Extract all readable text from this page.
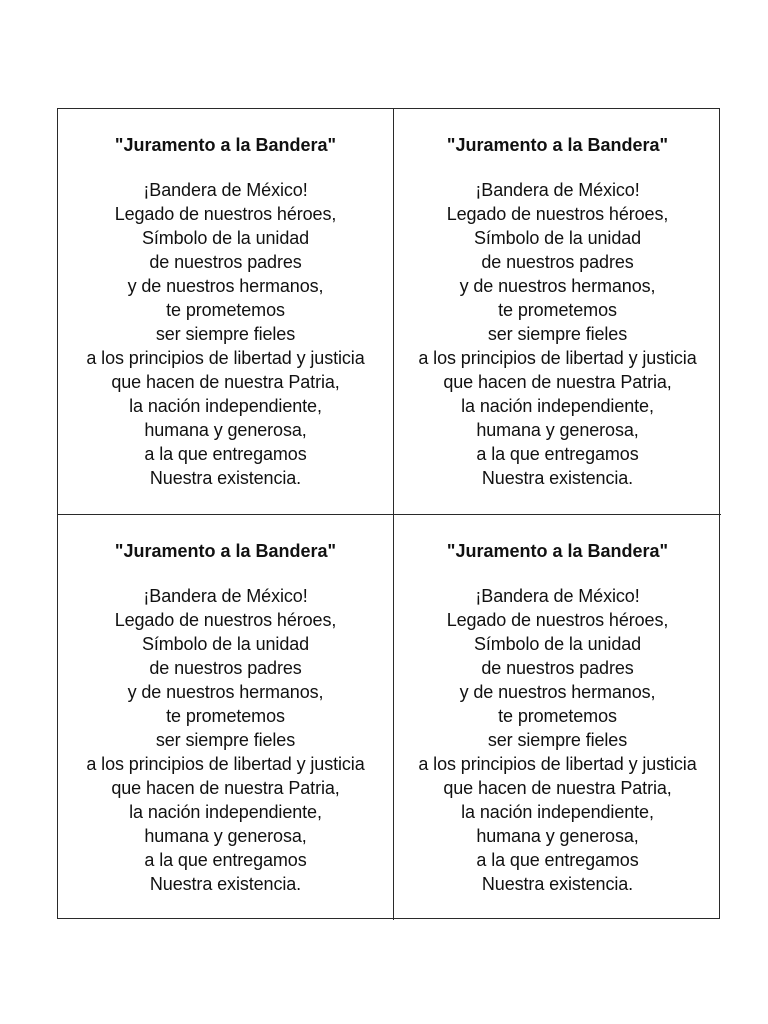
"Juramento a la Bandera"
¡Bandera de México!
Legado de nuestros héroes,
Símbolo de la unidad
de nuestros padres
y de nuestros hermanos,
te prometemos
ser siempre fieles
a los principios de libertad y justicia
que hacen de nuestra Patria,
la nación independiente,
humana y generosa,
a la que entregamos
Nuestra existencia.
"Juramento a la Bandera"
¡Bandera de México!
Legado de nuestros héroes,
Símbolo de la unidad
de nuestros padres
y de nuestros hermanos,
te prometemos
ser siempre fieles
a los principios de libertad y justicia
que hacen de nuestra Patria,
la nación independiente,
humana y generosa,
a la que entregamos
Nuestra existencia.
"Juramento a la Bandera"
¡Bandera de México!
Legado de nuestros héroes,
Símbolo de la unidad
de nuestros padres
y de nuestros hermanos,
te prometemos
ser siempre fieles
a los principios de libertad y justicia
que hacen de nuestra Patria,
la nación independiente,
humana y generosa,
a la que entregamos
Nuestra existencia.
"Juramento a la Bandera"
¡Bandera de México!
Legado de nuestros héroes,
Símbolo de la unidad
de nuestros padres
y de nuestros hermanos,
te prometemos
ser siempre fieles
a los principios de libertad y justicia
que hacen de nuestra Patria,
la nación independiente,
humana y generosa,
a la que entregamos
Nuestra existencia.
